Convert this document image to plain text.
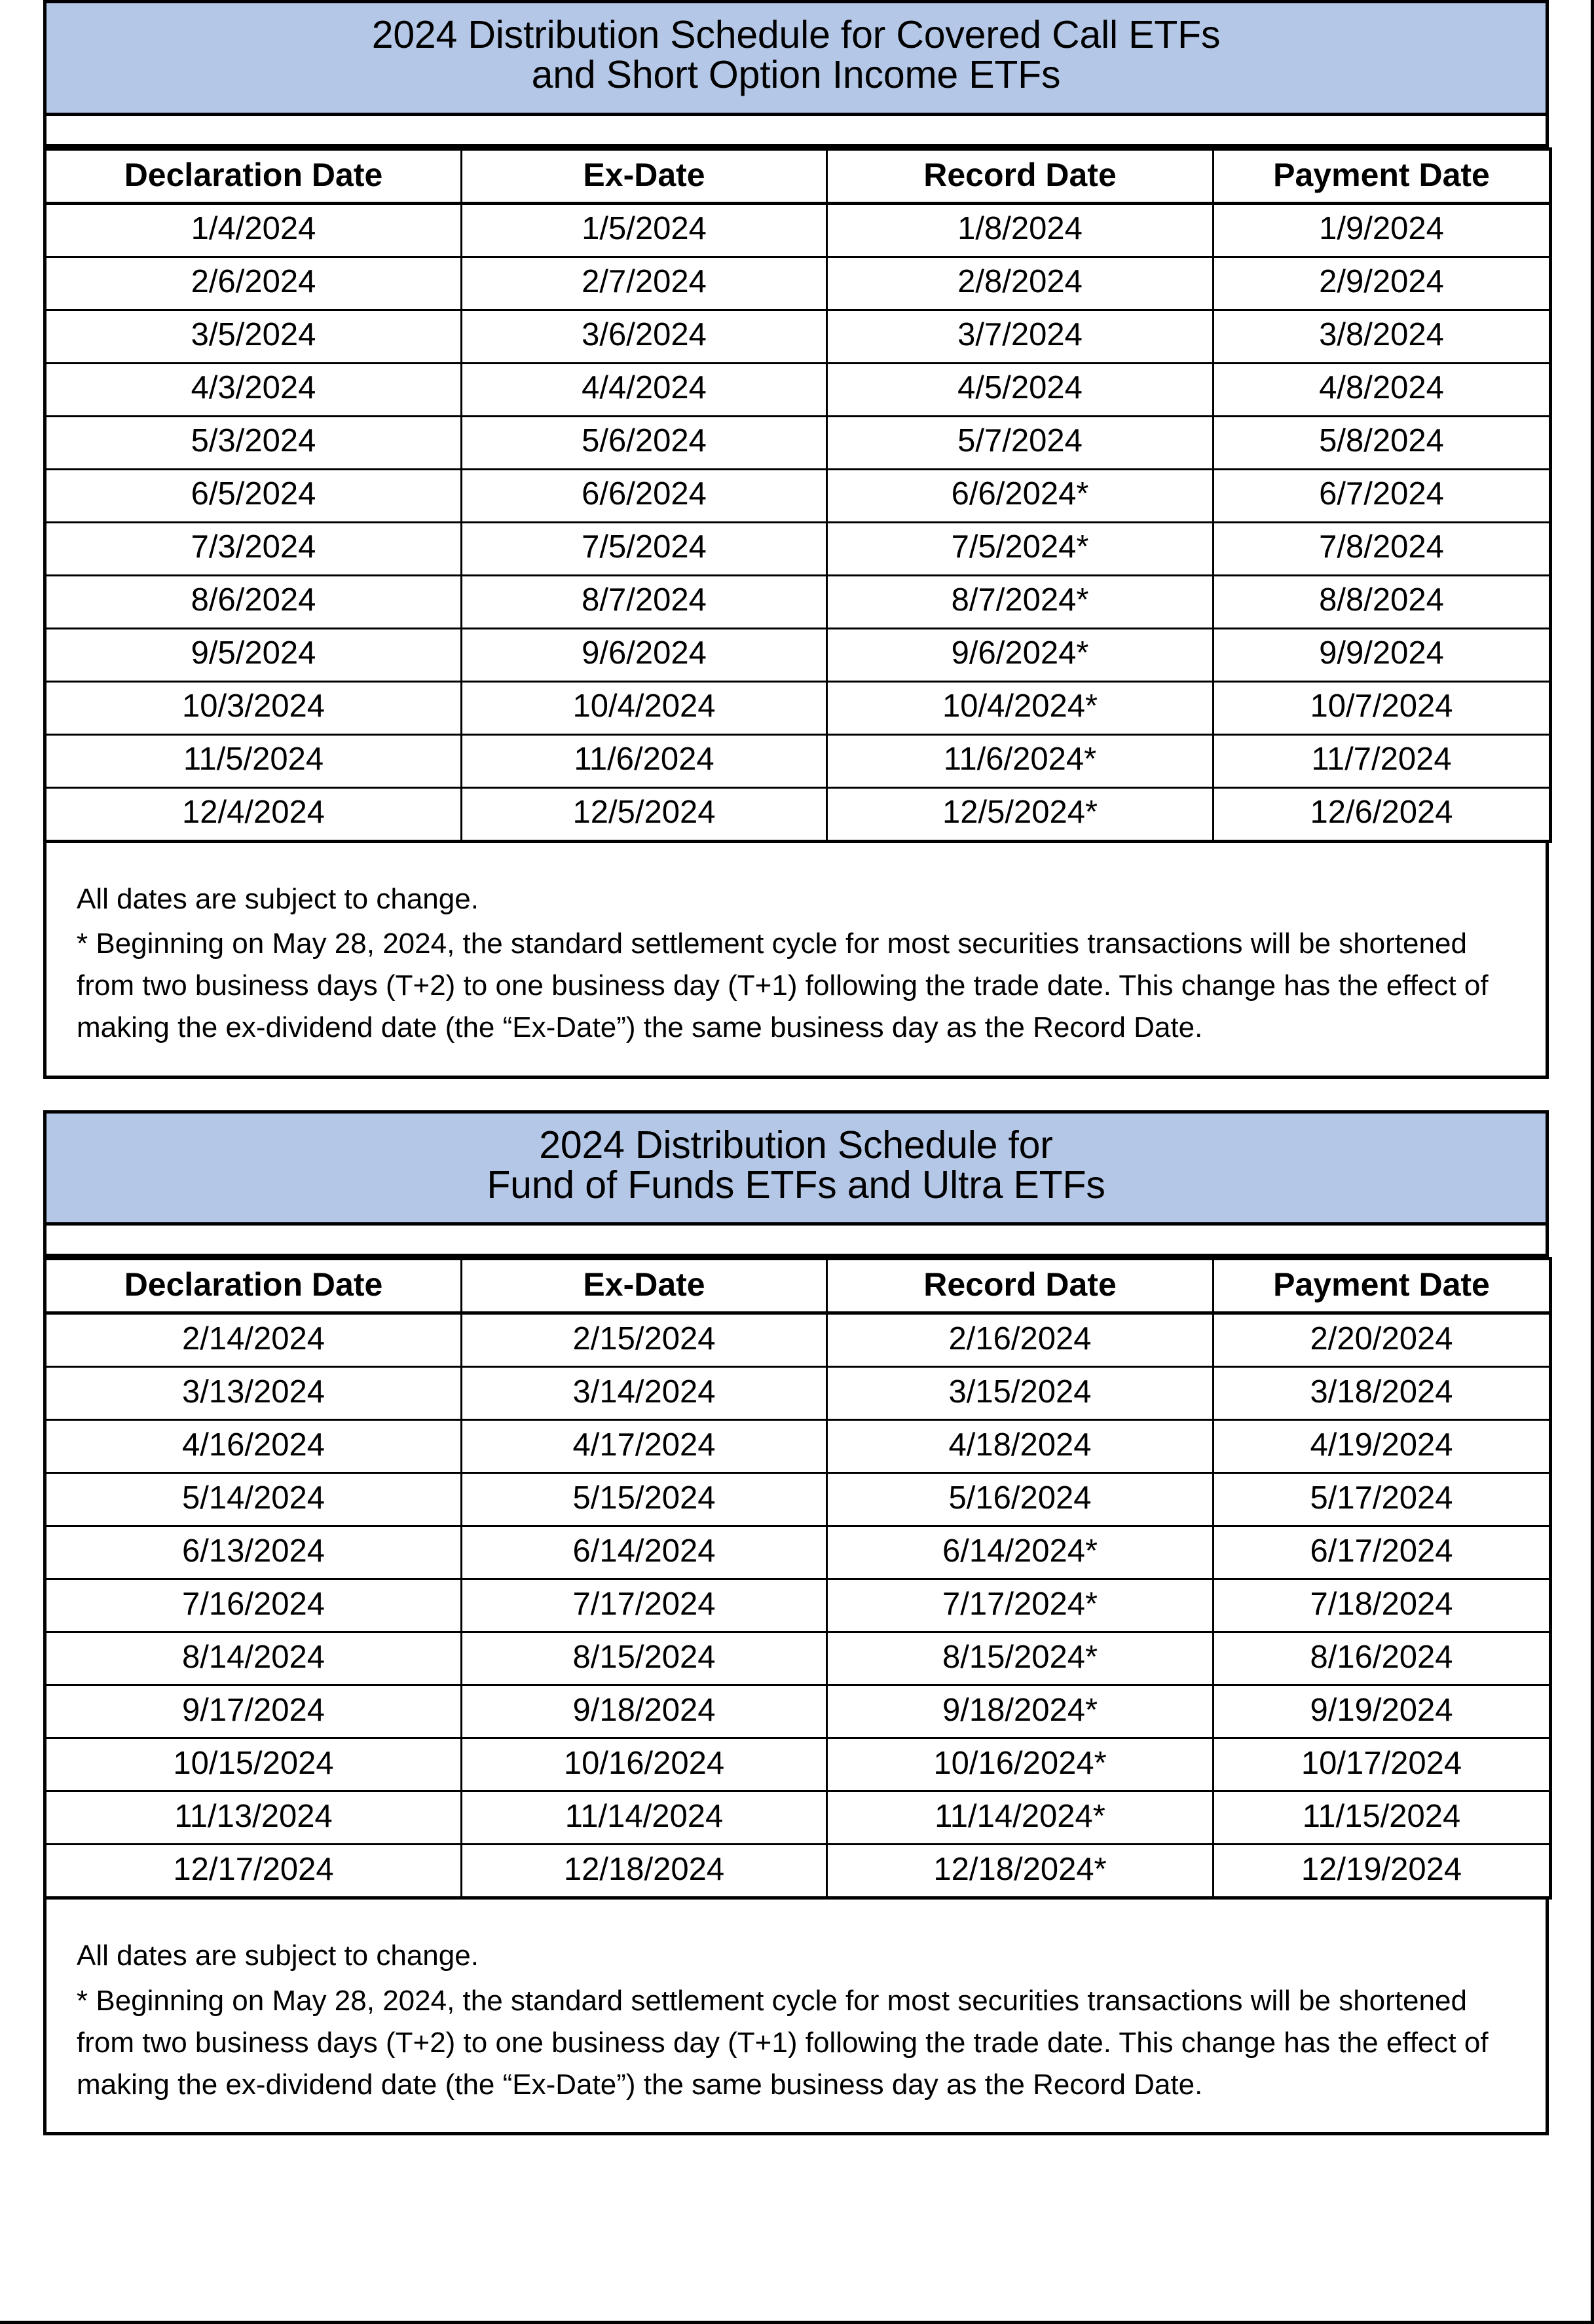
2024 Distribution Schedule for Covered Call ETFs
and Short Option Income ETFs
Declaration Date	Ex-Date	Record Date	Payment Date
1/4/2024	1/5/2024	1/8/2024	1/9/2024
2/6/2024	2/7/2024	2/8/2024	2/9/2024
3/5/2024	3/6/2024	3/7/2024	3/8/2024
4/3/2024	4/4/2024	4/5/2024	4/8/2024
5/3/2024	5/6/2024	5/7/2024	5/8/2024
6/5/2024	6/6/2024	6/6/2024*	6/7/2024
7/3/2024	7/5/2024	7/5/2024*	7/8/2024
8/6/2024	8/7/2024	8/7/2024*	8/8/2024
9/5/2024	9/6/2024	9/6/2024*	9/9/2024
10/3/2024	10/4/2024	10/4/2024*	10/7/2024
11/5/2024	11/6/2024	11/6/2024*	11/7/2024
12/4/2024	12/5/2024	12/5/2024*	12/6/2024

All dates are subject to change.

* Beginning on May 28, 2024, the standard settlement cycle for most securities transactions will be shortened from two business days (T+2) to one business day (T+1) following the trade date. This change has the effect of making the ex-dividend date (the “Ex-Date”) the same business day as the Record Date.

2024 Distribution Schedule for
Fund of Funds ETFs and Ultra ETFs
Declaration Date	Ex-Date	Record Date	Payment Date
2/14/2024	2/15/2024	2/16/2024	2/20/2024
3/13/2024	3/14/2024	3/15/2024	3/18/2024
4/16/2024	4/17/2024	4/18/2024	4/19/2024
5/14/2024	5/15/2024	5/16/2024	5/17/2024
6/13/2024	6/14/2024	6/14/2024*	6/17/2024
7/16/2024	7/17/2024	7/17/2024*	7/18/2024
8/14/2024	8/15/2024	8/15/2024*	8/16/2024
9/17/2024	9/18/2024	9/18/2024*	9/19/2024
10/15/2024	10/16/2024	10/16/2024*	10/17/2024
11/13/2024	11/14/2024	11/14/2024*	11/15/2024
12/17/2024	12/18/2024	12/18/2024*	12/19/2024

All dates are subject to change.

* Beginning on May 28, 2024, the standard settlement cycle for most securities transactions will be shortened from two business days (T+2) to one business day (T+1) following the trade date. This change has the effect of making the ex-dividend date (the “Ex-Date”) the same business day as the Record Date.
